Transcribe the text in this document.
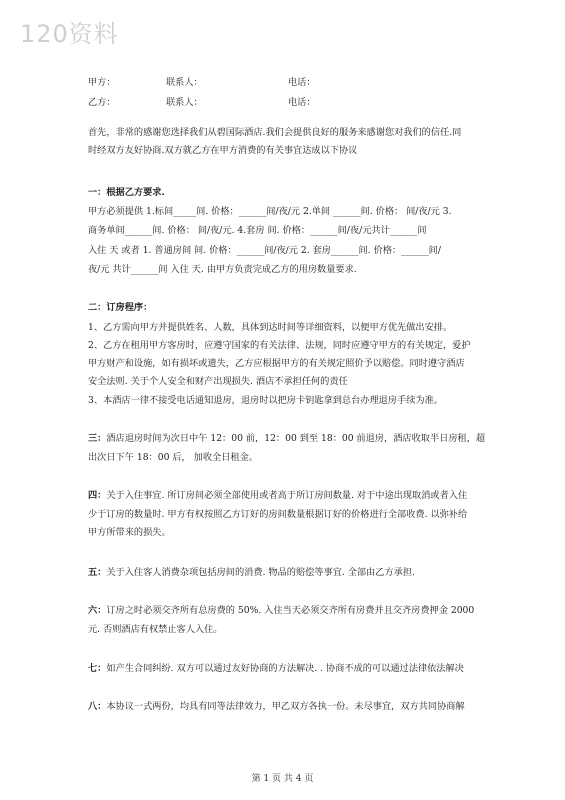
120资料
甲方：	联系人：	电话：
乙方：	联系人：	电话：
首先，非常的感谢您选择我们从碧国际酒店.我们会提供良好的服务来感谢您对我们的信任.同
时经双方友好协商.双方就乙方在甲方消费的有关事宜达成以下协议
一：根据乙方要求.
甲方必须提供 1.标间_____间. 价格：______间/夜/元 2.单间 ______间. 价格： 间/夜/元 3.
商务单间______间. 价格： 间/夜/元. 4.套房 间. 价格：______间/夜/元共计______间
入住 天 或者 1. 普通房间 间. 价格：______间/夜/元 2. 套房______间. 价格：______间/
夜/元 共计______间 入住 天. 由甲方负责完成乙方的用房数量要求.
二：订房程序：
1、乙方需向甲方并提供姓名、人数，具体到达时间等详细资料，以便甲方优先做出安排。
2、乙方在租用甲方客房时，应遵守国家的有关法律、法规，同时应遵守甲方的有关规定，爱护
甲方财产和设施，如有损坏或遗失，乙方应根据甲方的有关规定照价予以赔偿。同时遵守酒店
安全法则. 关于个人安全和财产出现损失. 酒店不承担任何的责任
3、本酒店一律不接受电话通知退房，退房时以把房卡钥匙拿到总台办理退房手续为准。
三：酒店退房时间为次日中午 12：00 前，12：00 到至 18：00 前退房，酒店收取半日房租，超
出次日下午 18：00 后， 加收全日租金。
四：关于入住事宜. 所订房间必须全部使用或者高于所订房间数量. 对于中途出现取消或者入住
少于订房的数量时. 甲方有权按照乙方订好的房间数量根据订好的价格进行全部收费. 以弥补给
甲方所带来的损失。
五：关于入住客人消费杂项包括房间的消费. 物品的赔偿等事宜. 全部由乙方承担.
六：订房之时必须交齐所有总房费的 50%. 入住当天必须交齐所有房费并且交齐房费押金 2000
元. 否则酒店有权禁止客人入住。
七：如产生合同纠纷. 双方可以通过友好协商的方法解决. . 协商不成的可以通过法律依法解决
八：本协议一式两份，均具有同等法律效力，甲乙双方各执一份。未尽事宜，双方共同协商解
第 1 页 共 4 页
